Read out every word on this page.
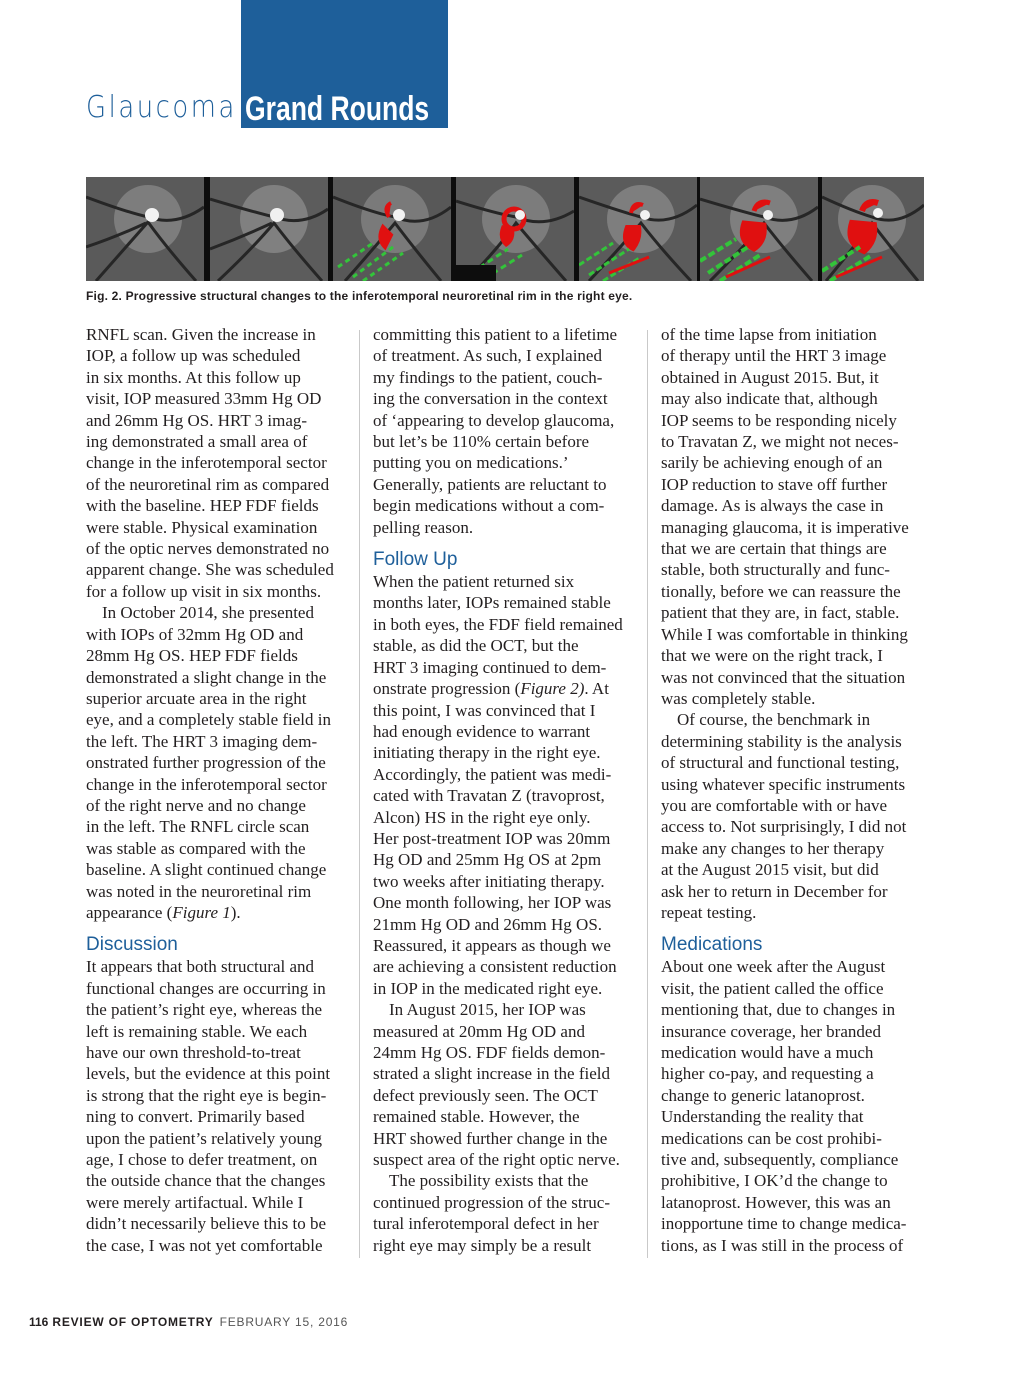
Glaucoma Grand Rounds
Fig. 2. Progressive structural changes to the inferotemporal neuroretinal rim in the right eye.

RNFL scan. Given the increase in
IOP, a follow up was scheduled
in six months. At this follow up
visit, IOP measured 33mm Hg OD
and 26mm Hg OS. HRT 3 imag-
ing demonstrated a small area of
change in the inferotemporal sector
of the neuroretinal rim as compared
with the baseline. HEP FDF fields
were stable. Physical examination
of the optic nerves demonstrated no
apparent change. She was scheduled
for a follow up visit in six months.

In October 2014, she presented
with IOPs of 32mm Hg OD and
28mm Hg OS. HEP FDF fields
demonstrated a slight change in the
superior arcuate area in the right
eye, and a completely stable field in
the left. The HRT 3 imaging dem-
onstrated further progression of the
change in the inferotemporal sector
of the right nerve and no change
in the left. The RNFL circle scan
was stable as compared with the
baseline. A slight continued change
was noted in the neuroretinal rim
appearance (Figure 1).

Discussion

It appears that both structural and
functional changes are occurring in
the patient’s right eye, whereas the
left is remaining stable. We each
have our own threshold-to-treat
levels, but the evidence at this point
is strong that the right eye is begin-
ning to convert. Primarily based
upon the patient’s relatively young
age, I chose to defer treatment, on
the outside chance that the changes
were merely artifactual. While I
didn’t necessarily believe this to be
the case, I was not yet comfortable

committing this patient to a lifetime
of treatment. As such, I explained
my findings to the patient, couch-
ing the conversation in the context
of ‘appearing to develop glaucoma,
but let’s be 110% certain before
putting you on medications.’
Generally, patients are reluctant to
begin medications without a com-
pelling reason.

Follow Up

When the patient returned six
months later, IOPs remained stable
in both eyes, the FDF field remained
stable, as did the OCT, but the
HRT 3 imaging continued to dem-
onstrate progression (Figure 2). At
this point, I was convinced that I
had enough evidence to warrant
initiating therapy in the right eye.
Accordingly, the patient was medi-
cated with Travatan Z (travoprost,
Alcon) HS in the right eye only.
Her post-treatment IOP was 20mm
Hg OD and 25mm Hg OS at 2pm
two weeks after initiating therapy.
One month following, her IOP was
21mm Hg OD and 26mm Hg OS.
Reassured, it appears as though we
are achieving a consistent reduction
in IOP in the medicated right eye.

In August 2015, her IOP was
measured at 20mm Hg OD and
24mm Hg OS. FDF fields demon-
strated a slight increase in the field
defect previously seen. The OCT
remained stable. However, the
HRT showed further change in the
suspect area of the right optic nerve.

The possibility exists that the
continued progression of the struc-
tural inferotemporal defect in her
right eye may simply be a result

of the time lapse from initiation
of therapy until the HRT 3 image
obtained in August 2015. But, it
may also indicate that, although
IOP seems to be responding nicely
to Travatan Z, we might not neces-
sarily be achieving enough of an
IOP reduction to stave off further
damage. As is always the case in
managing glaucoma, it is imperative
that we are certain that things are
stable, both structurally and func-
tionally, before we can reassure the
patient that they are, in fact, stable.
While I was comfortable in thinking
that we were on the right track, I
was not convinced that the situation
was completely stable.

Of course, the benchmark in
determining stability is the analysis
of structural and functional testing,
using whatever specific instruments
you are comfortable with or have
access to. Not surprisingly, I did not
make any changes to her therapy
at the August 2015 visit, but did
ask her to return in December for
repeat testing.

Medications

About one week after the August
visit, the patient called the office
mentioning that, due to changes in
insurance coverage, her branded
medication would have a much
higher co-pay, and requesting a
change to generic latanoprost.
Understanding the reality that
medications can be cost prohibi-
tive and, subsequently, compliance
prohibitive, I OK’d the change to
latanoprost. However, this was an
inopportune time to change medica-
tions, as I was still in the process of

116 REVIEW OF OPTOMETRY FEBRUARY 15, 2016
